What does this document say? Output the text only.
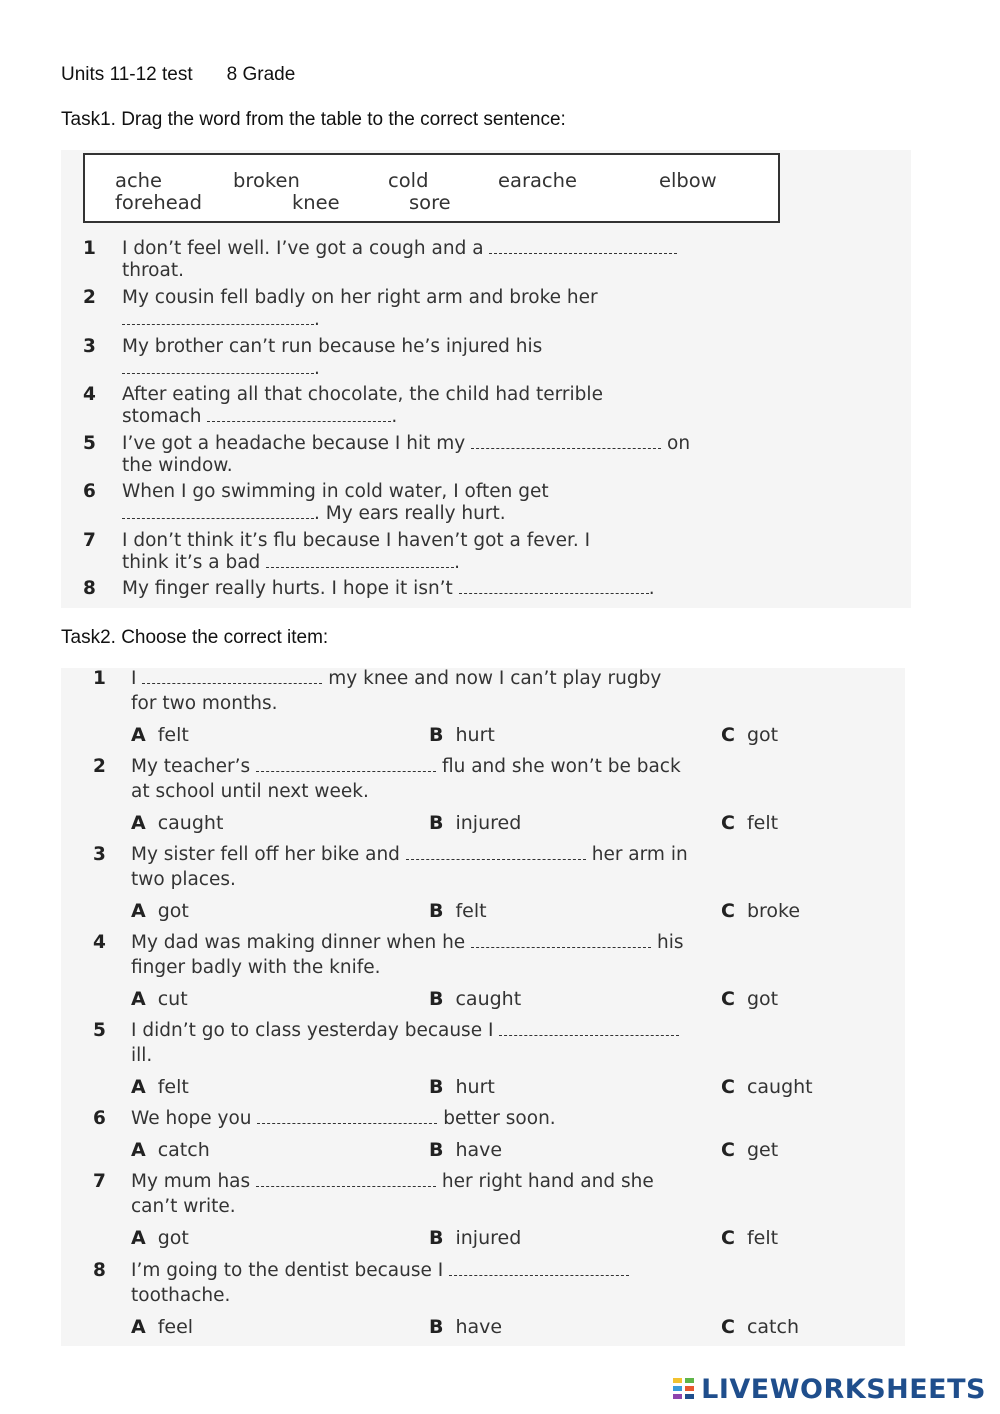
Units 11-12 test 8 Grade
Task1. Drag the word from the table to the correct sentence:
ache	broken	cold	earache	elbow
forehead	knee	sore
1 I don’t feel well. I’ve got a cough and a
throat.
2 My cousin fell badly on her right arm and broke her
.
3 My brother can’t run because he’s injured his
.
4 After eating all that chocolate, the child had terrible
stomach	.
5 I’ve got a headache because I hit my	on
the window.
6 When I go swimming in cold water, I often get
. My ears really hurt.
7 I don’t think it’s flu because I haven’t got a fever. I
think it’s a bad	.
8 My finger really hurts. I hope it isn’t	.
Task2. Choose the correct item:
1 I	my knee and now I can’t play rugby
for two months.
A felt	B hurt	C got
2 My teacher’s	flu and she won’t be back
at school until next week.
A caught	B injured	C felt
3 My sister fell off her bike and	her arm in
two places.
A got	B felt	C broke
4 My dad was making dinner when he	his
finger badly with the knife.
A cut	B caught	C got
5 I didn’t go to class yesterday because I
ill.
A felt	B hurt	C caught
6 We hope you	better soon.
A catch	B have	C get
7 My mum has	her right hand and she
can’t write.
A got	B injured	C felt
8 I’m going to the dentist because I
toothache.
A feel	B have	C catch
LIVEWORKSHEETS
